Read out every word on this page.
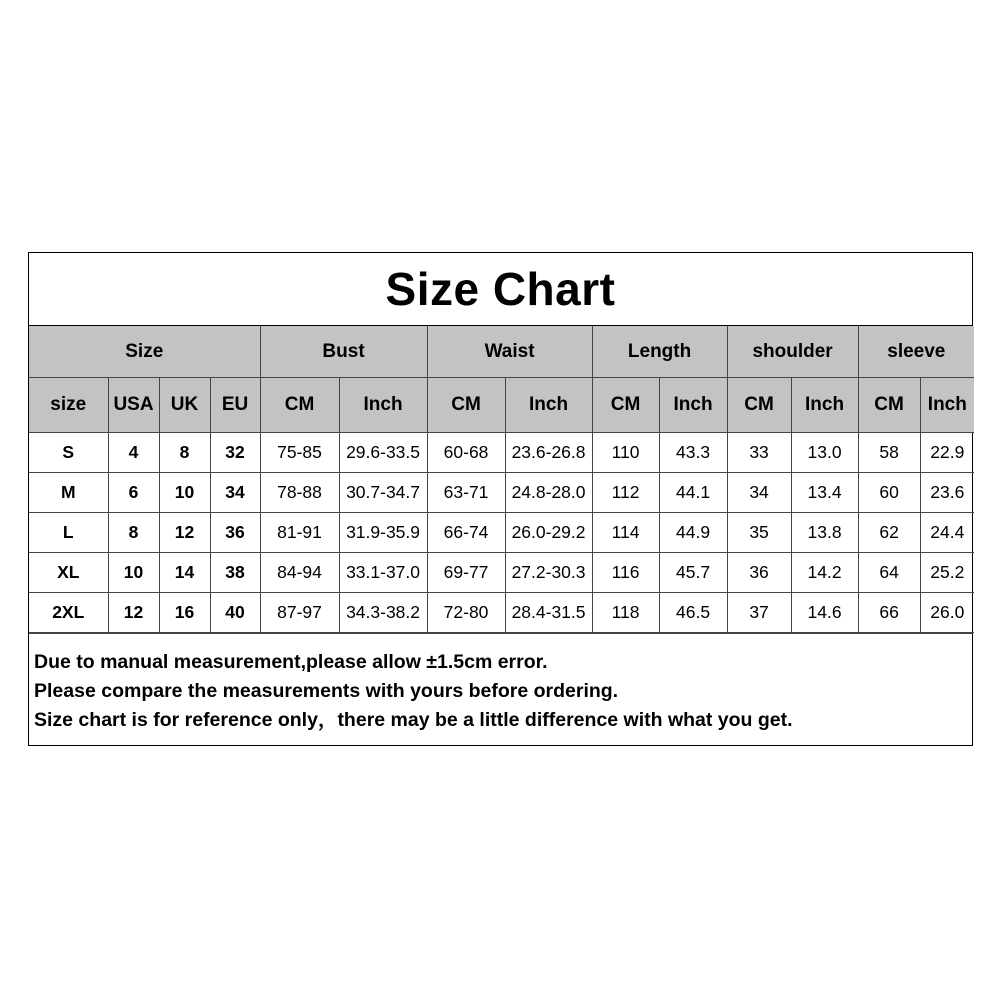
Size Chart
Size				Bust		Waist		Length		shoulder		sleeve	
size	USA	UK	EU	CM	Inch	CM	Inch	CM	Inch	CM	Inch	CM	Inch
S	4	8	32	75-85	29.6-33.5	60-68	23.6-26.8	110	43.3	33	13.0	58	22.9
M	6	10	34	78-88	30.7-34.7	63-71	24.8-28.0	112	44.1	34	13.4	60	23.6
L	8	12	36	81-91	31.9-35.9	66-74	26.0-29.2	114	44.9	35	13.8	62	24.4
XL	10	14	38	84-94	33.1-37.0	69-77	27.2-30.3	116	45.7	36	14.2	64	25.2
2XL	12	16	40	87-97	34.3-38.2	72-80	28.4-31.5	118	46.5	37	14.6	66	26.0
Due to manual measurement,please allow ±1.5cm error.
Please compare the measurements with yours before ordering.
Size chart is for reference only，there may be a little difference with what you get.
